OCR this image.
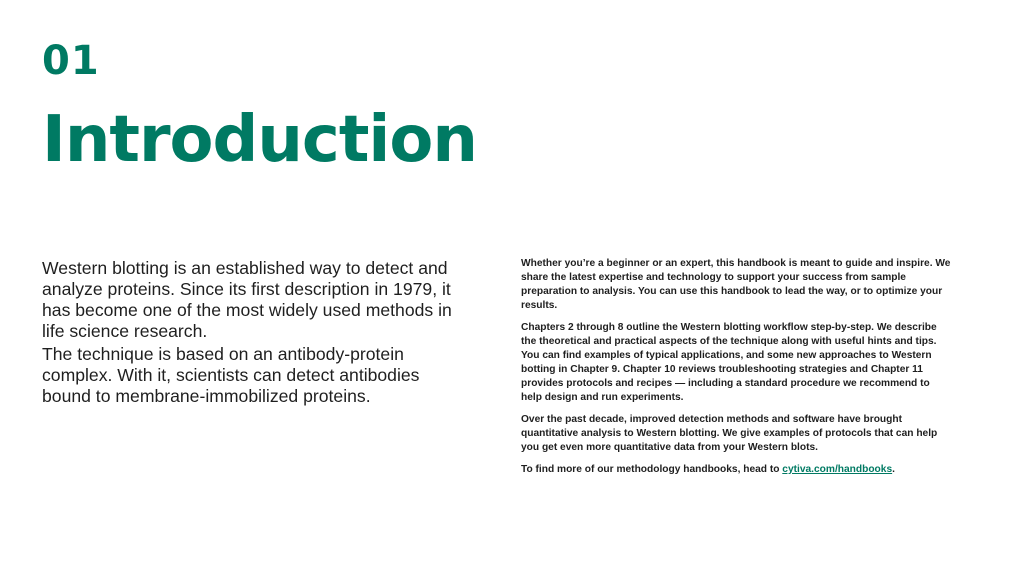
01
Introduction

Western blotting is an established way to detect and analyze proteins. Since its first description in 1979, it has become one of the most widely used methods in life science research.

The technique is based on an antibody-protein complex. With it, scientists can detect antibodies bound to membrane-immobilized proteins.

Whether you’re a beginner or an expert, this handbook is meant to guide and inspire. We share the latest expertise and technology to support your success from sample preparation to analysis. You can use this handbook to lead the way, or to optimize your results.

Chapters 2 through 8 outline the Western blotting workflow step-by-step. We describe the theoretical and practical aspects of the technique along with useful hints and tips. You can find examples of typical applications, and some new approaches to Western botting in Chapter 9. Chapter 10 reviews troubleshooting strategies and Chapter 11 provides protocols and recipes — including a standard procedure we recommend to help design and run experiments.

Over the past decade, improved detection methods and software have brought quantitative analysis to Western blotting. We give examples of protocols that can help you get even more quantitative data from your Western blots.

To find more of our methodology handbooks, head to cytiva.com/handbooks.
